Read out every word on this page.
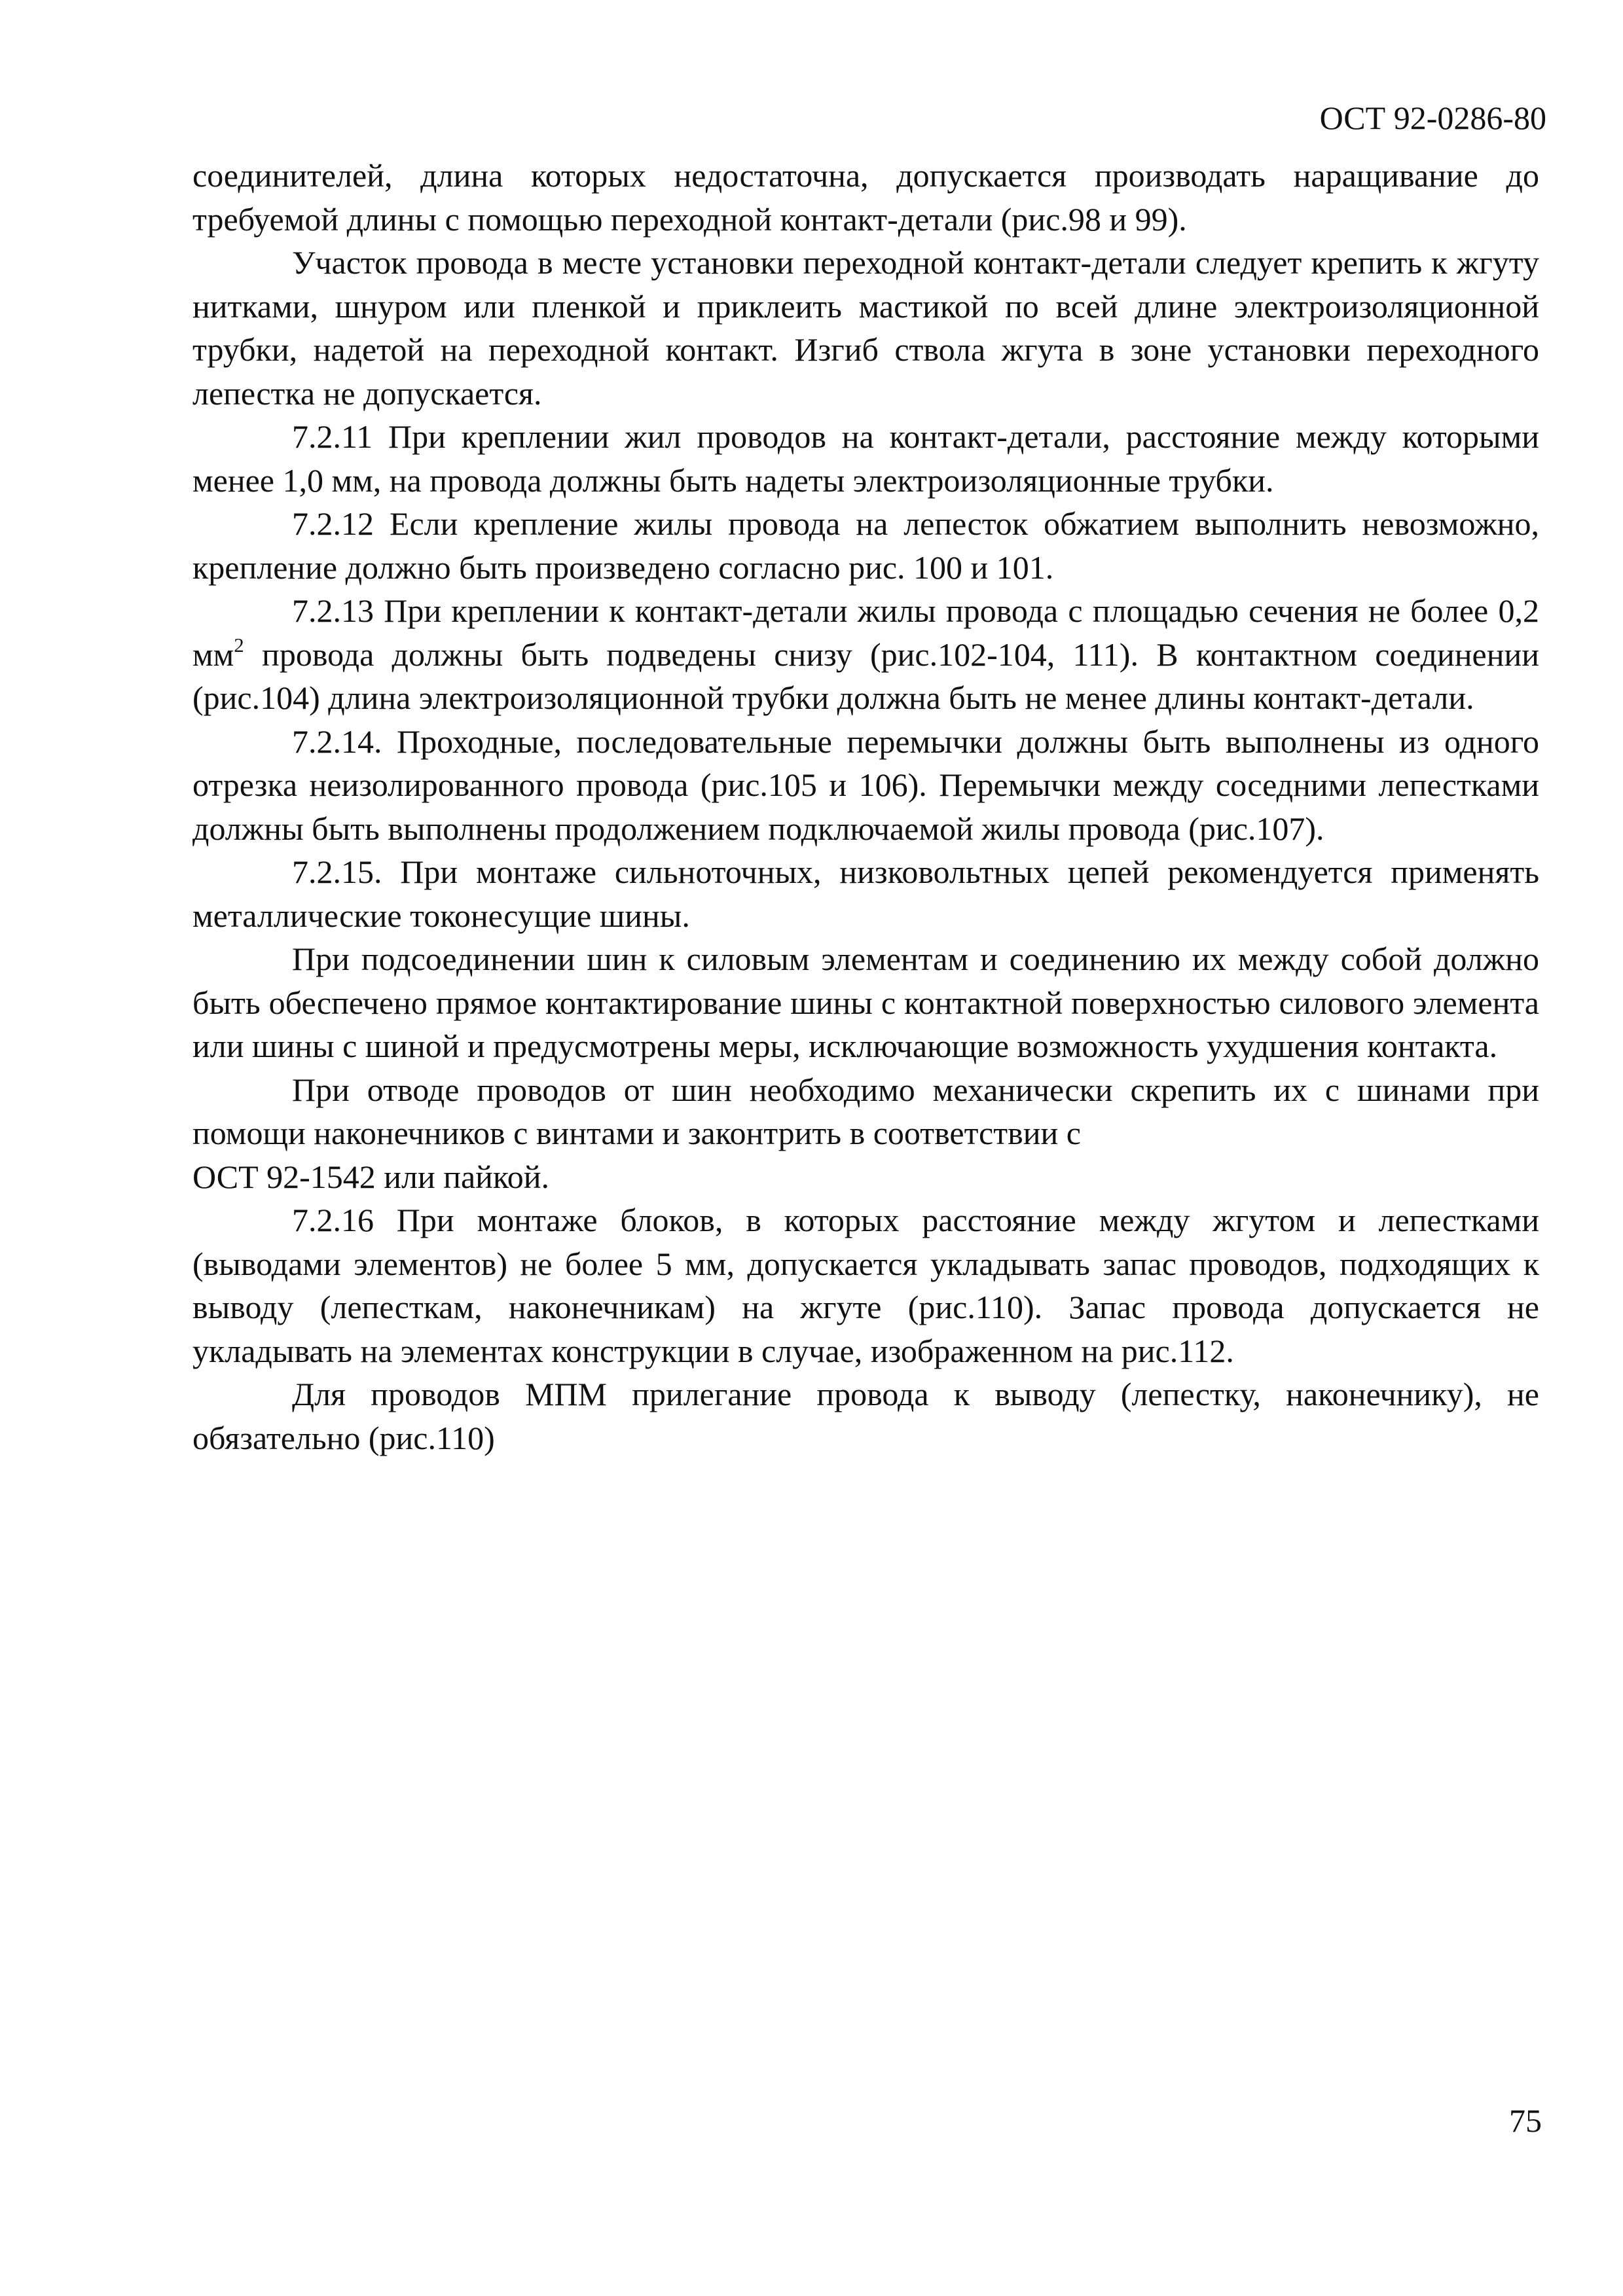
ОСТ 92-0286-80

соединителей, длина которых недостаточна, допускается производать наращивание до требуемой длины с помощью переходной контакт-детали (рис.98 и 99).

Участок провода в месте установки переходной контакт-детали следует крепить к жгуту нитками, шнуром или пленкой и приклеить мастикой по всей длине электроизоляционной трубки, надетой на переходной контакт. Изгиб ствола жгута в зоне установки переходного лепестка не допускается.

7.2.11 При креплении жил проводов на контакт-детали, расстояние между которыми менее 1,0 мм, на провода должны быть надеты электроизоляционные трубки.

7.2.12 Если крепление жилы провода на лепесток обжатием выполнить невозможно, крепление должно быть произведено согласно рис. 100 и 101.

7.2.13 При креплении к контакт-детали жилы провода с площадью сечения не более 0,2 $мм^2$ провода должны быть подведены снизу (рис.102-104, 111). В контактном соединении (рис.104) длина электроизоляционной трубки должна быть не менее длины контакт-детали.

7.2.14. Проходные, последовательные перемычки должны быть выполнены из одного отрезка неизолированного провода (рис.105 и 106). Перемычки между соседними лепестками должны быть выполнены продолжением подключаемой жилы провода (рис.107).

7.2.15. При монтаже сильноточных, низковольтных цепей рекомендуется применять металлические токонесущие шины.

При подсоединении шин к силовым элементам и соединению их между собой должно быть обеспечено прямое контактирование шины с контактной поверхностью силового элемента или шины с шиной и предусмотрены меры, исключающие возможность ухудшения контакта.

При отводе проводов от шин необходимо механически скрепить их с шинами при помощи наконечников с винтами и законтрить в соответствии с
ОСТ 92-1542 или пайкой.

7.2.16 При монтаже блоков, в которых расстояние между жгутом и лепестками (выводами элементов) не более 5 мм, допускается укладывать запас проводов, подходящих к выводу (лепесткам, наконечникам) на жгуте (рис.110). Запас провода допускается не укладывать на элементах конструкции в случае, изображенном на рис.112.

Для проводов МПМ прилегание провода к выводу (лепестку, наконечнику), не обязательно (рис.110)

75
